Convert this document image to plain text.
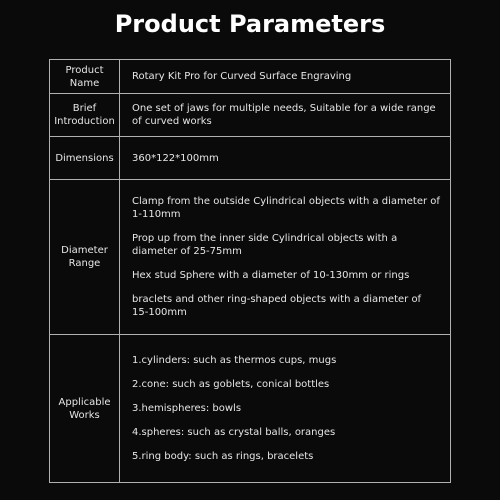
Product Parameters
Product Name	Rotary Kit Pro for Curved Surface Engraving
Brief Introduction	One set of jaws for multiple needs, Suitable for a wide range of curved works
Dimensions	360*122*100mm
Diameter Range	Clamp from the outside Cylindrical objects with a diameter of 1-110mm
Prop up from the inner side Cylindrical objects with a diameter of 25-75mm
Hex stud Sphere with a diameter of 10-130mm or rings
braclets and other ring-shaped objects with a diameter of 15-100mm

Applicable Works	1.cylinders: such as thermos cups, mugs
2.cone: such as goblets, conical bottles
3.hemispheres: bowls
4.spheres: such as crystal balls, oranges
5.ring body: such as rings, bracelets
